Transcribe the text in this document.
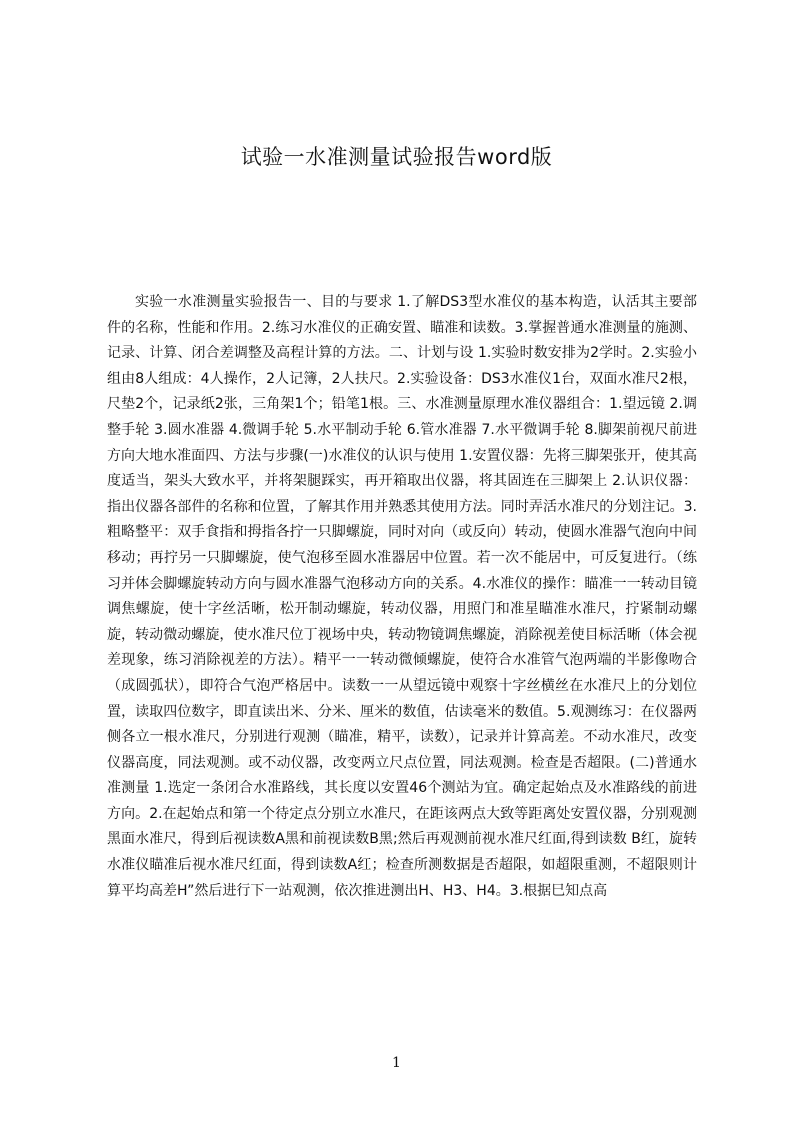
试验一水准测量试验报告word版

实验一水准测量实验报告一、目的与要求 1.了解DS3型水准仪的基本构造，认活其主要部件的名称，性能和作用。2.练习水准仪的正确安置、瞄准和读数。3.掌握普通水准测量的施测、记录、计算、闭合差调整及高程计算的方法。二、计划与设 1.实验时数安排为2学时。2.实验小组由8人组成：4人操作，2人记簿，2人扶尺。2.实验设备：DS3水准仪1台，双面水准尺2根，尺垫2个，记录纸2张，三角架1个；铅笔1根。三、水准测量原理水准仪器组合：1.望远镜 2.调整手轮 3.圆水准器 4.微调手轮 5.水平制动手轮 6.管水准器 7.水平微调手轮 8.脚架前视尺前进方向大地水准面四、方法与步骤(一)水准仪的认识与使用 1.安置仪器：先将三脚架张开，使其高度适当，架头大致水平，并将架腿踩实，再开箱取出仪器，将其固连在三脚架上 2.认识仪器：指出仪器各部件的名称和位置，了解其作用并熟悉其使用方法。同时弄活水准尺的分划注记。3.粗略整平：双手食指和拇指各拧一只脚螺旋，同时对向（或反向）转动，使圆水准器气泡向中间移动；再拧另一只脚螺旋，使气泡移至圆水准器居中位置。若一次不能居中，可反复进行。（练习并体会脚螺旋转动方向与圆水准器气泡移动方向的关系。4.水准仪的操作：瞄准一一转动目镜调焦螺旋，使十字丝活晰，松开制动螺旋，转动仪器，用照门和准星瞄准水准尺，拧紧制动螺旋，转动微动螺旋，使水准尺位丁视场中央，转动物镜调焦螺旋，消除视差使目标活晰（体会视差现象，练习消除视差的方法）。精平一一转动微倾螺旋，使符合水准管气泡两端的半影像吻合（成圆弧状），即符合气泡严格居中。读数一一从望远镜中观察十字丝横丝在水准尺上的分划位置，读取四位数字，即直读出米、分米、厘米的数值，估读毫米的数值。5.观测练习：在仪器两侧各立一根水准尺，分别进行观测（瞄准，精平，读数），记录并计算高差。不动水准尺，改变仪器高度，同法观测。或不动仪器，改变两立尺点位置，同法观测。检查是否超限。(二)普通水准测量 1.选定一条闭合水准路线，其长度以安置46个测站为宜。确定起始点及水准路线的前进方向。2.在起始点和第一个待定点分别立水准尺，在距该两点大致等距离处安置仪器，分别观测黑面水准尺，得到后视读数A黑和前视读数B黑;然后再观测前视水准尺红面,得到读数 B红，旋转水准仪瞄准后视水准尺红面，得到读数A红；检查所测数据是否超限，如超限重测，不超限则计算平均高差H”然后进行下一站观测，依次推进测出H、H3、H4。3.根据巳知点高

1
